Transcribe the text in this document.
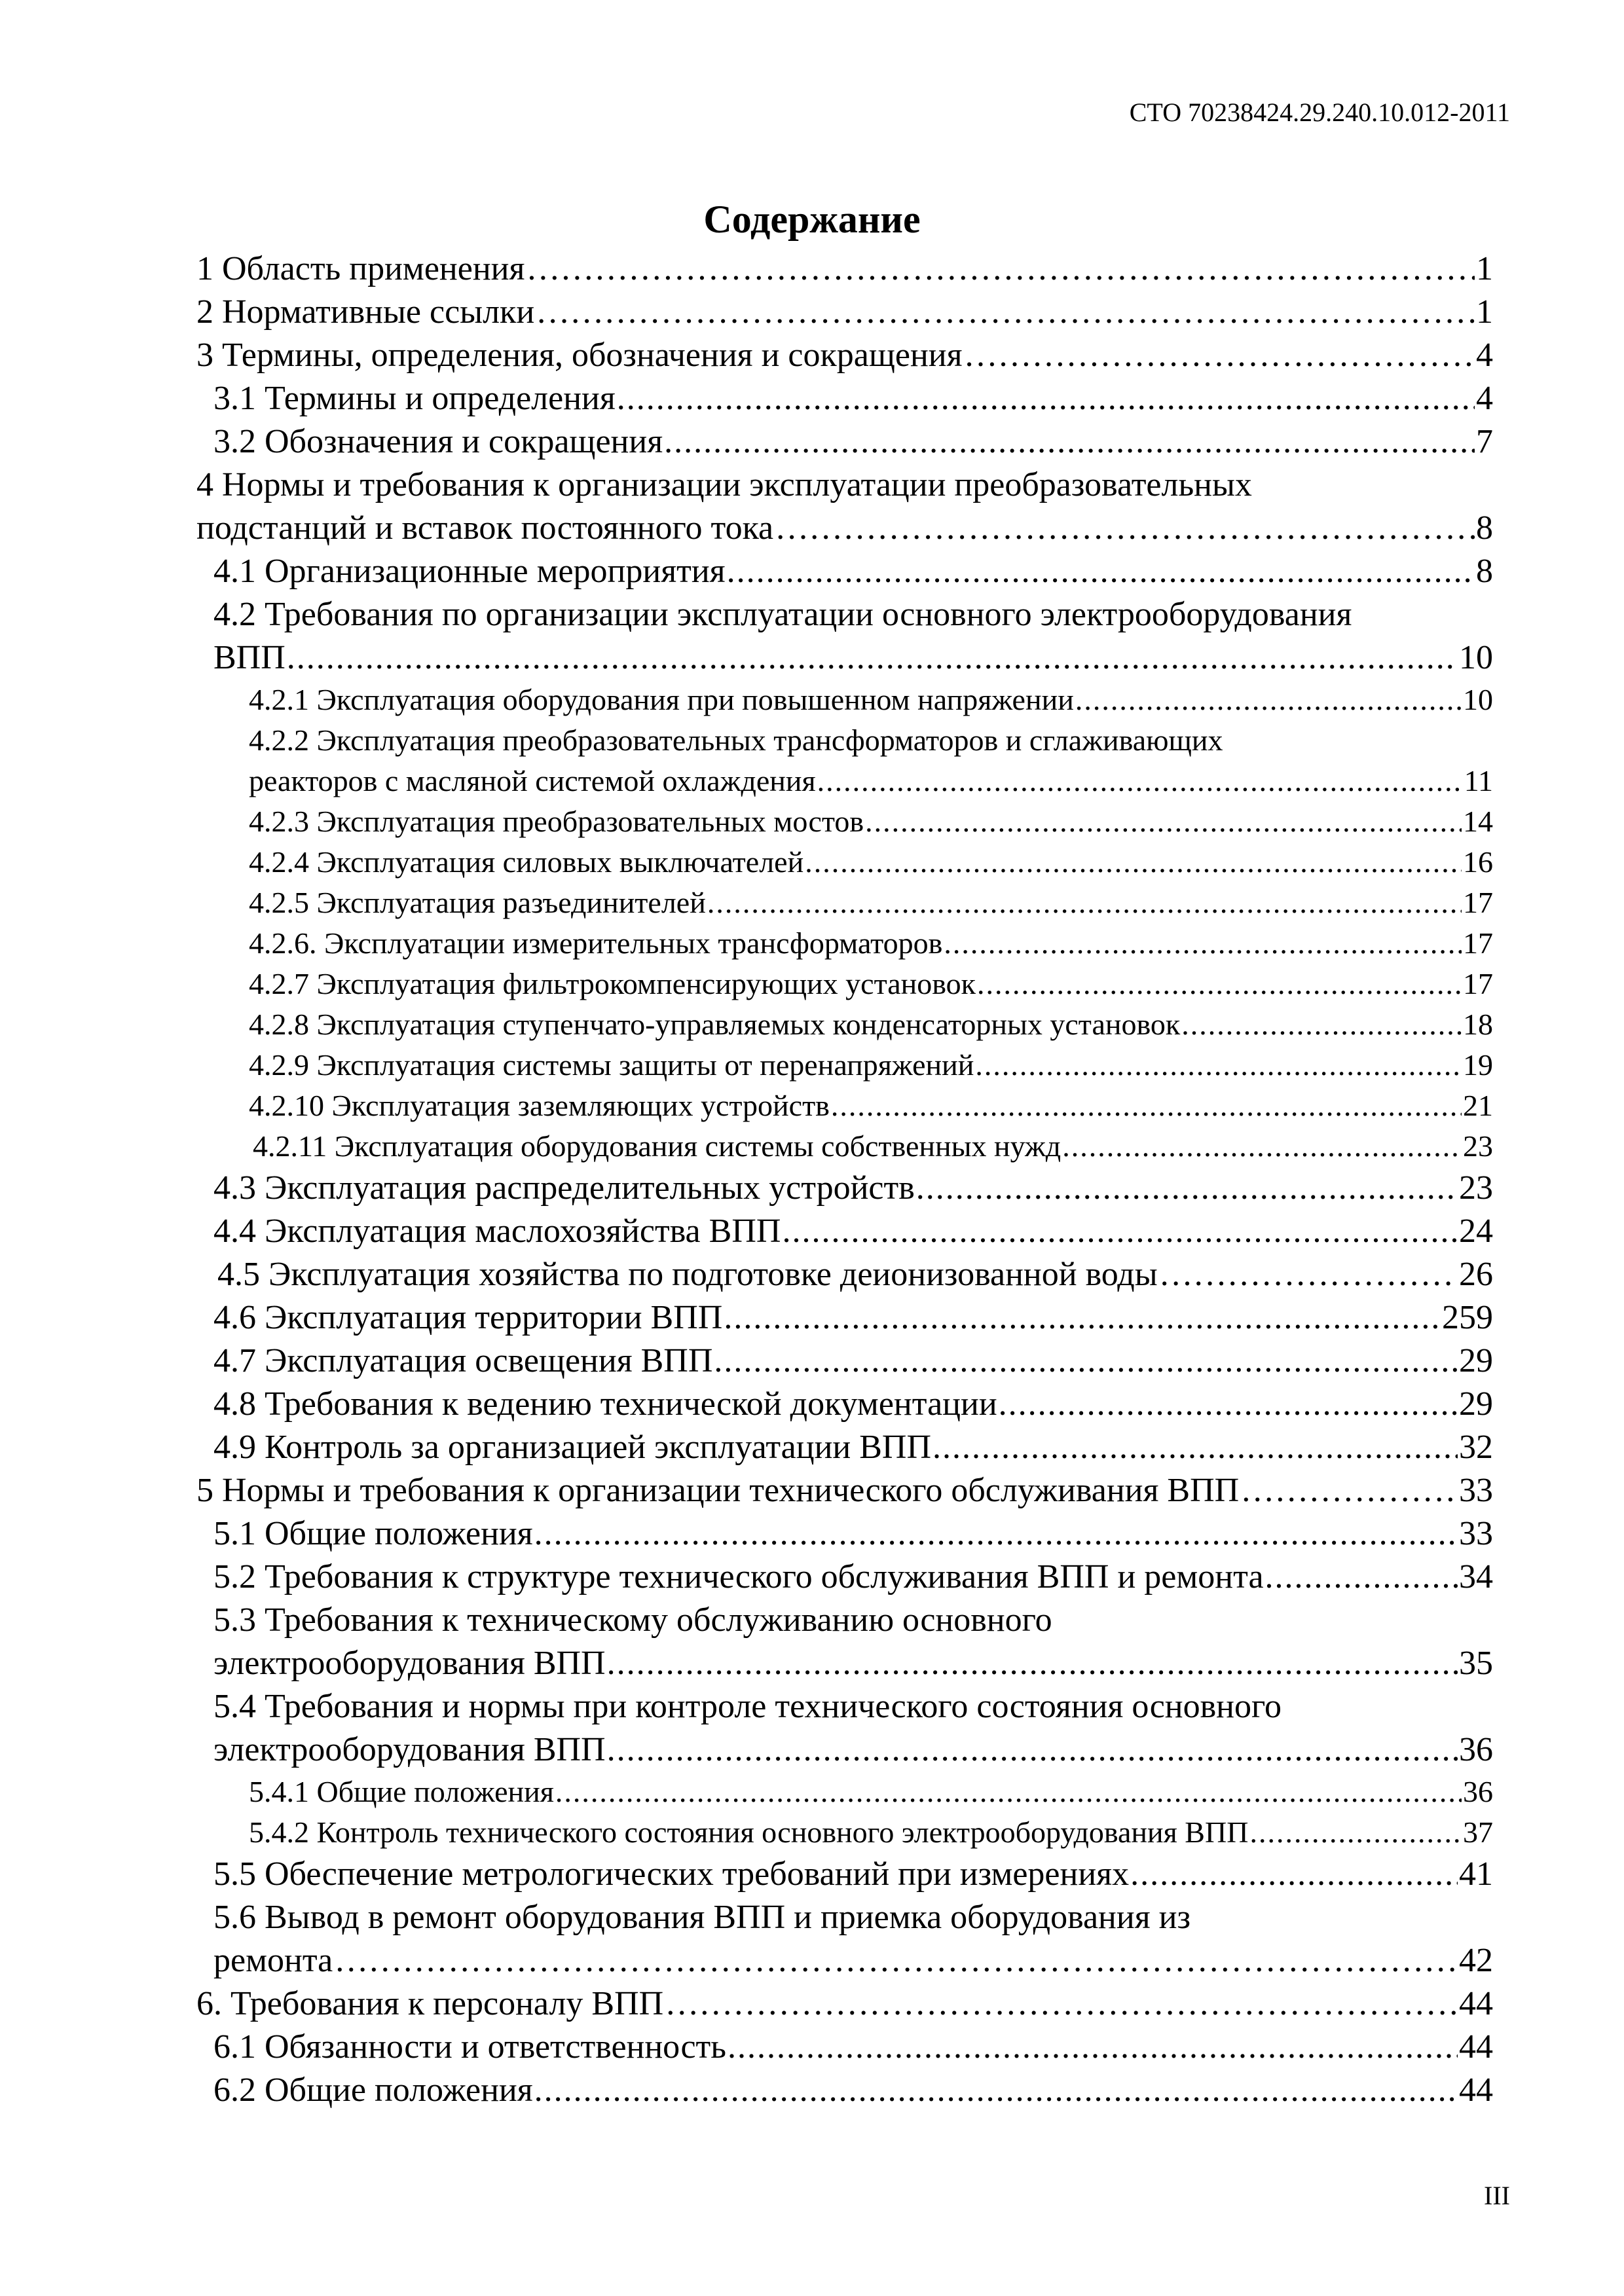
СТО 70238424.29.240.10.012-2011
Содержание
1 Область применения ……………………………………………………………………………………………………………………………………………………………………………………………………………………………………………………	1
2 Нормативные ссылки ……………………………………………………………………………………………………………………………………………………………………………………………………………………………………………………	1
3 Термины, определения, обозначения и сокращения ……………………………………………………………………………………………………………………………………………………………………………………………………………………………………………………	4
3.1 Термины и определения .....	4
3.2 Обозначения и сокращения .....	7
4 Нормы и требования к организации эксплуатации преобразовательных
подстанций и вставок постоянного тока ……………………………………………………………………………………………………………………………………………………………………………………………………………………………………………………	8
4.1 Организационные мероприятия .....	8
4.2 Требования по организации эксплуатации основного электрооборудования
ВПП .....	10
4.2.1 Эксплуатация оборудования при повышенном напряжении .....	10
4.2.2 Эксплуатация преобразовательных трансформаторов и сглаживающих
реакторов с масляной системой охлаждения .....	11
4.2.3 Эксплуатация преобразовательных мостов .....	14
4.2.4 Эксплуатация силовых выключателей .....	16
4.2.5 Эксплуатация разъединителей .....	17
4.2.6. Эксплуатации измерительных трансформаторов .....	17
4.2.7 Эксплуатация фильтрокомпенсирующих установок .....	17
4.2.8 Эксплуатация ступенчато-управляемых конденсаторных установок .....	18
4.2.9 Эксплуатация системы защиты от перенапряжений .....	19
4.2.10 Эксплуатация заземляющих устройств .....	21
4.2.11 Эксплуатация оборудования системы собственных нужд .....	23
4.3 Эксплуатация распределительных устройств .....	23
4.4 Эксплуатация маслохозяйства ВПП .....	24
4.5 Эксплуатация хозяйства по подготовке деионизованной воды ……………………………………………………………………………………………………………………………………………………………………………………………………………………………………………………	26
4.6 Эксплуатация территории ВПП .....	259
4.7 Эксплуатация освещения ВПП .....	29
4.8 Требования к ведению технической документации .....	29
4.9 Контроль за организацией эксплуатации ВПП .....	32
5 Нормы и требования к организации технического обслуживания ВПП ……………………………………………………………………………………………………………………………………………………………………………………………………………………………………………………	33
5.1 Общие положения .....	33
5.2 Требования к структуре технического обслуживания ВПП и ремонта .....	34
5.3 Требования к техническому обслуживанию основного
электрооборудования ВПП .....	35
5.4 Требования и нормы при контроле технического состояния основного
электрооборудования ВПП .....	36
5.4.1 Общие положения .....	36
5.4.2 Контроль технического состояния основного электрооборудования ВПП .....	37
5.5 Обеспечение метрологических требований при измерениях .....	41
5.6 Вывод в ремонт оборудования ВПП и приемка оборудования из
ремонта ……………………………………………………………………………………………………………………………………………………………………………………………………………………………………………………	42
6. Требования к персоналу ВПП ……………………………………………………………………………………………………………………………………………………………………………………………………………………………………………………	44
6.1 Обязанности и ответственность .....	44
6.2 Общие положения .....	44
III
